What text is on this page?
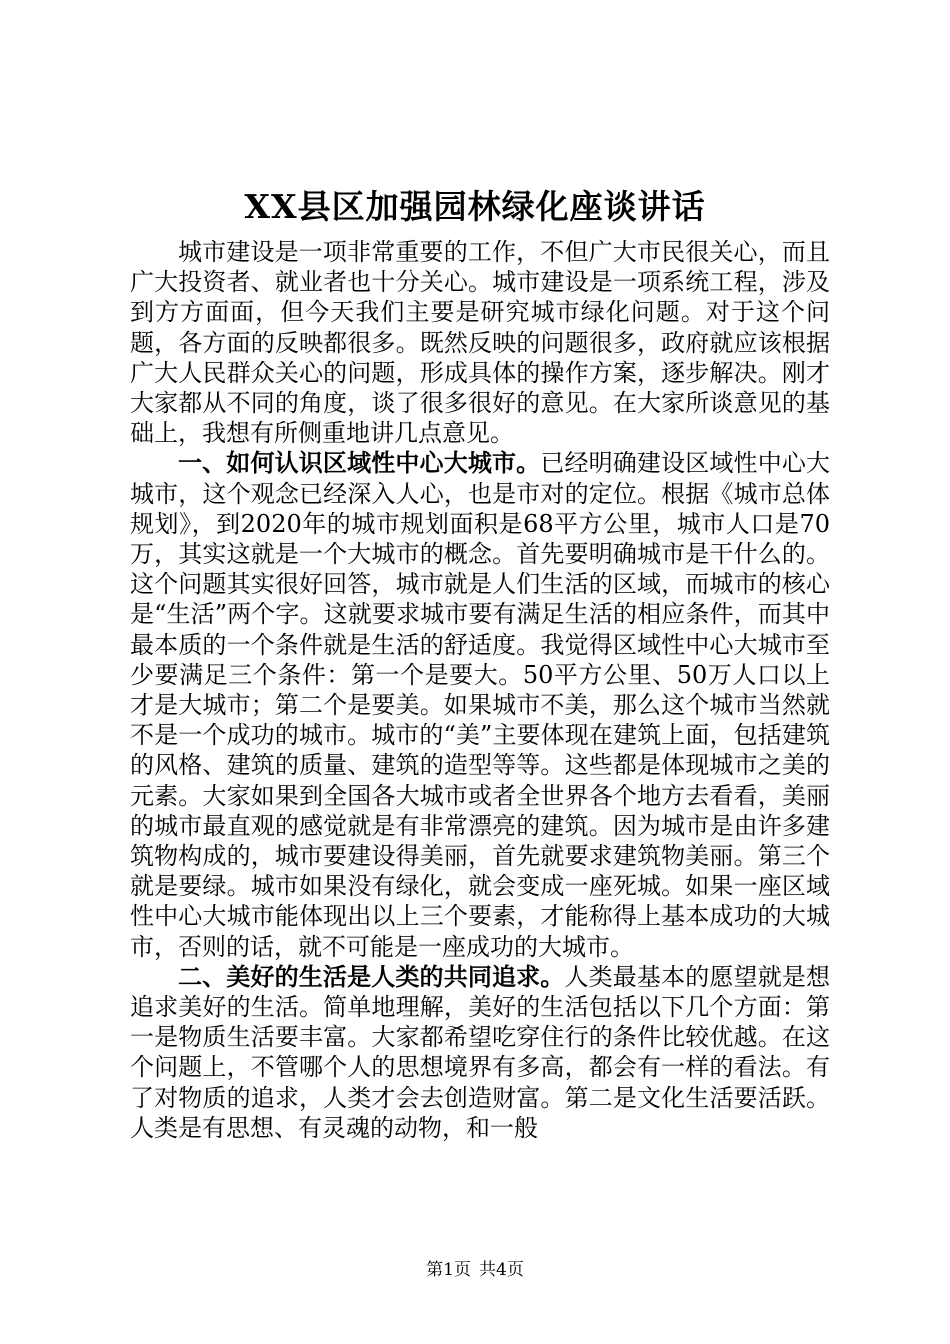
XX县区加强园林绿化座谈讲话

城市建设是一项非常重要的工作，不但广大市民很关心，而且广大投资者、就业者也十分关心。城市建设是一项系统工程，涉及到方方面面，但今天我们主要是研究城市绿化问题。对于这个问题，各方面的反映都很多。既然反映的问题很多，政府就应该根据广大人民群众关心的问题，形成具体的操作方案，逐步解决。刚才大家都从不同的角度，谈了很多很好的意见。在大家所谈意见的基础上，我想有所侧重地讲几点意见。

一、如何认识区域性中心大城市。已经明确建设区域性中心大城市，这个观念已经深入人心，也是市对的定位。根据《城市总体规划》，到2020年的城市规划面积是68平方公里，城市人口是70万，其实这就是一个大城市的概念。首先要明确城市是干什么的。这个问题其实很好回答，城市就是人们生活的区域，而城市的核心是“生活”两个字。这就要求城市要有满足生活的相应条件，而其中最本质的一个条件就是生活的舒适度。我觉得区域性中心大城市至少要满足三个条件：第一个是要大。50平方公里、50万人口以上才是大城市；第二个是要美。如果城市不美，那么这个城市当然就不是一个成功的城市。城市的“美”主要体现在建筑上面，包括建筑的风格、建筑的质量、建筑的造型等等。这些都是体现城市之美的元素。大家如果到全国各大城市或者全世界各个地方去看看，美丽的城市最直观的感觉就是有非常漂亮的建筑。因为城市是由许多建筑物构成的，城市要建设得美丽，首先就要求建筑物美丽。第三个就是要绿。城市如果没有绿化，就会变成一座死城。如果一座区域性中心大城市能体现出以上三个要素，才能称得上基本成功的大城市，否则的话，就不可能是一座成功的大城市。

二、美好的生活是人类的共同追求。人类最基本的愿望就是想追求美好的生活。简单地理解，美好的生活包括以下几个方面：第一是物质生活要丰富。大家都希望吃穿住行的条件比较优越。在这个问题上，不管哪个人的思想境界有多高，都会有一样的看法。有了对物质的追求，人类才会去创造财富。第二是文化生活要活跃。人类是有思想、有灵魂的动物，和一般

第1页 共4页
